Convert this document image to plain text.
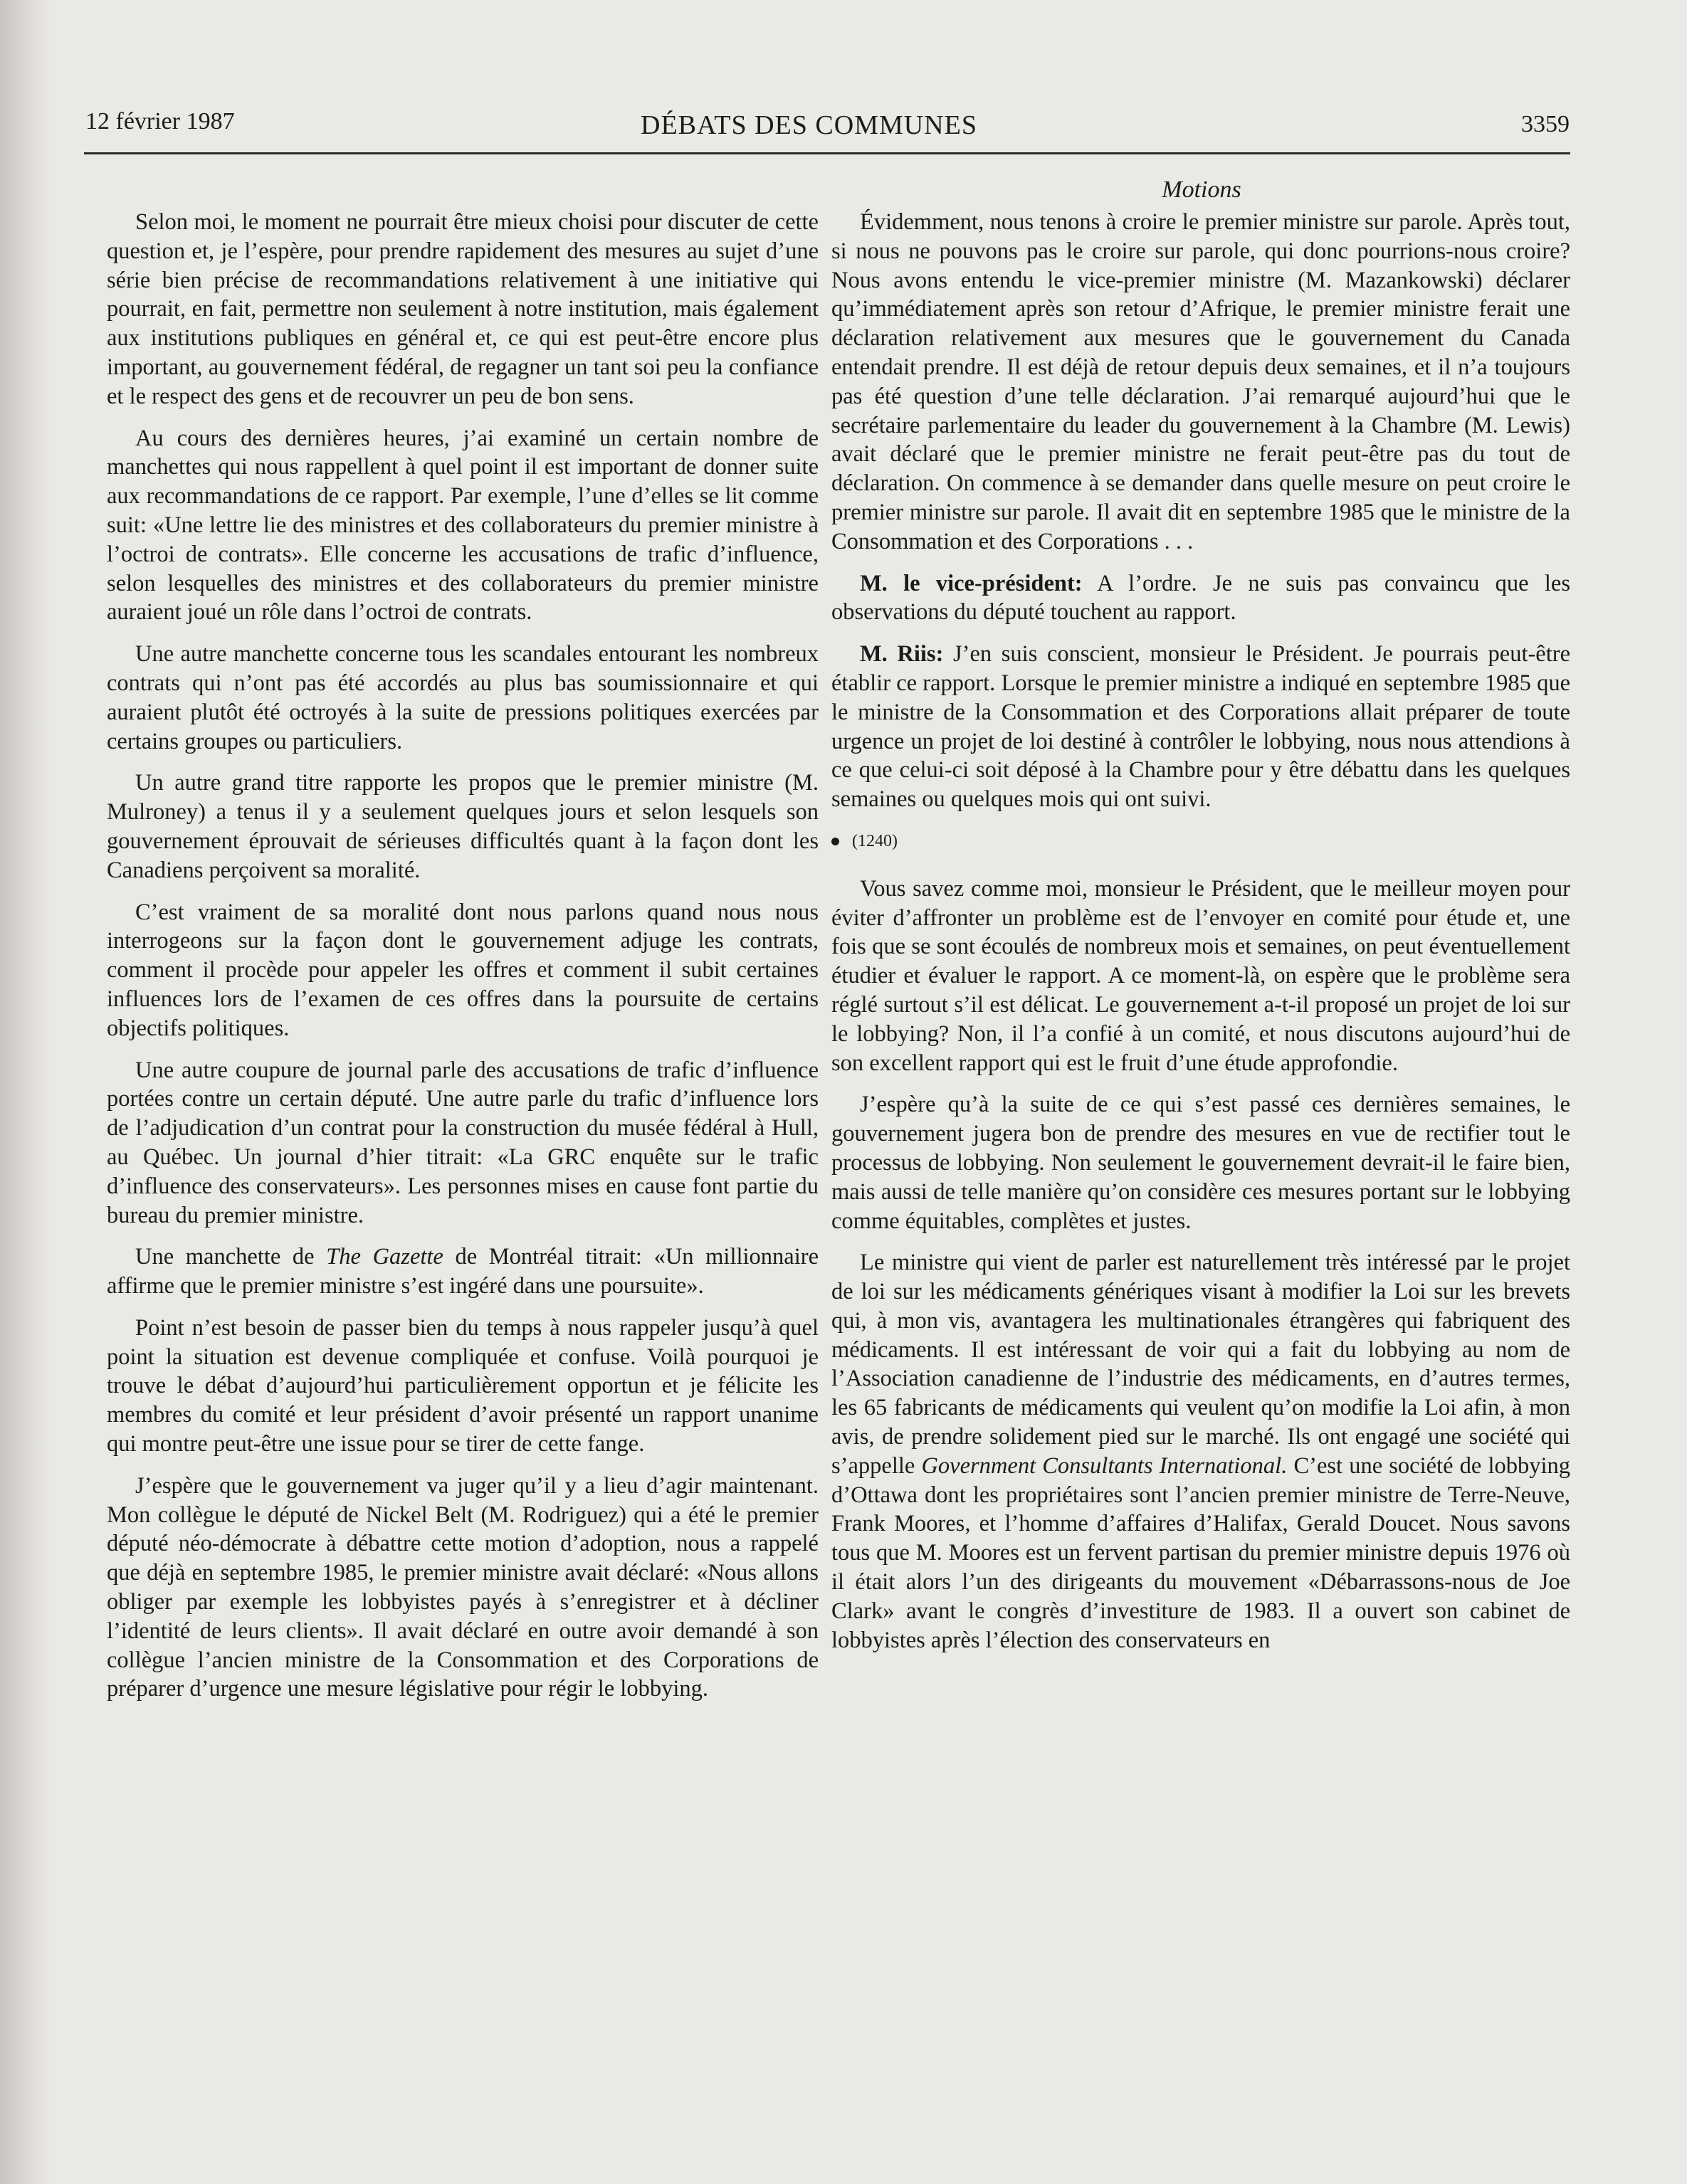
12 février 1987	DÉBATS DES COMMUNES	3359
Motions

Selon moi, le moment ne pourrait être mieux choisi pour discuter de cette question et, je l’espère, pour prendre rapidement des mesures au sujet d’une série bien précise de recommandations relativement à une initiative qui pourrait, en fait, permettre non seulement à notre institution, mais également aux institutions publiques en général et, ce qui est peut-être encore plus important, au gouvernement fédéral, de regagner un tant soi peu la confiance et le respect des gens et de recouvrer un peu de bon sens.

Au cours des dernières heures, j’ai examiné un certain nombre de manchettes qui nous rappellent à quel point il est important de donner suite aux recommandations de ce rapport. Par exemple, l’une d’elles se lit comme suit: «Une lettre lie des ministres et des collaborateurs du premier ministre à l’octroi de contrats». Elle concerne les accusations de trafic d’influence, selon lesquelles des ministres et des collaborateurs du premier ministre auraient joué un rôle dans l’octroi de contrats.

Une autre manchette concerne tous les scandales entourant les nombreux contrats qui n’ont pas été accordés au plus bas soumissionnaire et qui auraient plutôt été octroyés à la suite de pressions politiques exercées par certains groupes ou particuliers.

Un autre grand titre rapporte les propos que le premier ministre (M. Mulroney) a tenus il y a seulement quelques jours et selon lesquels son gouvernement éprouvait de sérieuses difficultés quant à la façon dont les Canadiens perçoivent sa moralité.

C’est vraiment de sa moralité dont nous parlons quand nous nous interrogeons sur la façon dont le gouvernement adjuge les contrats, comment il procède pour appeler les offres et comment il subit certaines influences lors de l’examen de ces offres dans la poursuite de certains objectifs politiques.

Une autre coupure de journal parle des accusations de trafic d’influence portées contre un certain député. Une autre parle du trafic d’influence lors de l’adjudication d’un contrat pour la construction du musée fédéral à Hull, au Québec. Un journal d’hier titrait: «La GRC enquête sur le trafic d’influence des conservateurs». Les personnes mises en cause font partie du bureau du premier ministre.

Une manchette de The Gazette de Montréal titrait: «Un millionnaire affirme que le premier ministre s’est ingéré dans une poursuite».

Point n’est besoin de passer bien du temps à nous rappeler jusqu’à quel point la situation est devenue compliquée et confuse. Voilà pourquoi je trouve le débat d’aujourd’hui particulièrement opportun et je félicite les membres du comité et leur président d’avoir présenté un rapport unanime qui montre peut-être une issue pour se tirer de cette fange.

J’espère que le gouvernement va juger qu’il y a lieu d’agir maintenant. Mon collègue le député de Nickel Belt (M. Rodriguez) qui a été le premier député néo-démocrate à débattre cette motion d’adoption, nous a rappelé que déjà en septembre 1985, le premier ministre avait déclaré: «Nous allons obliger par exemple les lobbyistes payés à s’enregistrer et à décliner l’identité de leurs clients». Il avait déclaré en outre avoir demandé à son collègue l’ancien ministre de la Consommation et des Corporations de préparer d’urgence une mesure législative pour régir le lobbying.

Évidemment, nous tenons à croire le premier ministre sur parole. Après tout, si nous ne pouvons pas le croire sur parole, qui donc pourrions-nous croire? Nous avons entendu le vice-premier ministre (M. Mazankowski) déclarer qu’immédiatement après son retour d’Afrique, le premier ministre ferait une déclaration relativement aux mesures que le gouvernement du Canada entendait prendre. Il est déjà de retour depuis deux semaines, et il n’a toujours pas été question d’une telle déclaration. J’ai remarqué aujourd’hui que le secrétaire parlementaire du leader du gouvernement à la Chambre (M. Lewis) avait déclaré que le premier ministre ne ferait peut-être pas du tout de déclaration. On commence à se demander dans quelle mesure on peut croire le premier ministre sur parole. Il avait dit en septembre 1985 que le ministre de la Consommation et des Corporations . . .

M. le vice-président: A l’ordre. Je ne suis pas convaincu que les observations du député touchent au rapport.

M. Riis: J’en suis conscient, monsieur le Président. Je pourrais peut-être établir ce rapport. Lorsque le premier ministre a indiqué en septembre 1985 que le ministre de la Consommation et des Corporations allait préparer de toute urgence un projet de loi destiné à contrôler le lobbying, nous nous attendions à ce que celui-ci soit déposé à la Chambre pour y être débattu dans les quelques semaines ou quelques mois qui ont suivi.

(1240)

Vous savez comme moi, monsieur le Président, que le meilleur moyen pour éviter d’affronter un problème est de l’envoyer en comité pour étude et, une fois que se sont écoulés de nombreux mois et semaines, on peut éventuellement étudier et évaluer le rapport. A ce moment-là, on espère que le problème sera réglé surtout s’il est délicat. Le gouvernement a-t-il proposé un projet de loi sur le lobbying? Non, il l’a confié à un comité, et nous discutons aujourd’hui de son excellent rapport qui est le fruit d’une étude approfondie.

J’espère qu’à la suite de ce qui s’est passé ces dernières semaines, le gouvernement jugera bon de prendre des mesures en vue de rectifier tout le processus de lobbying. Non seulement le gouvernement devrait-il le faire bien, mais aussi de telle manière qu’on considère ces mesures portant sur le lobbying comme équitables, complètes et justes.

Le ministre qui vient de parler est naturellement très intéressé par le projet de loi sur les médicaments génériques visant à modifier la Loi sur les brevets qui, à mon vis, avantagera les multinationales étrangères qui fabriquent des médicaments. Il est intéressant de voir qui a fait du lobbying au nom de l’Association canadienne de l’industrie des médicaments, en d’autres termes, les 65 fabricants de médicaments qui veulent qu’on modifie la Loi afin, à mon avis, de prendre solidement pied sur le marché. Ils ont engagé une société qui s’appelle Government Consultants International. C’est une société de lobbying d’Ottawa dont les propriétaires sont l’ancien premier ministre de Terre-Neuve, Frank Moores, et l’homme d’affaires d’Halifax, Gerald Doucet. Nous savons tous que M. Moores est un fervent partisan du premier ministre depuis 1976 où il était alors l’un des dirigeants du mouvement «Débarrassons-nous de Joe Clark» avant le congrès d’investiture de 1983. Il a ouvert son cabinet de lobbyistes après l’élection des conservateurs en
